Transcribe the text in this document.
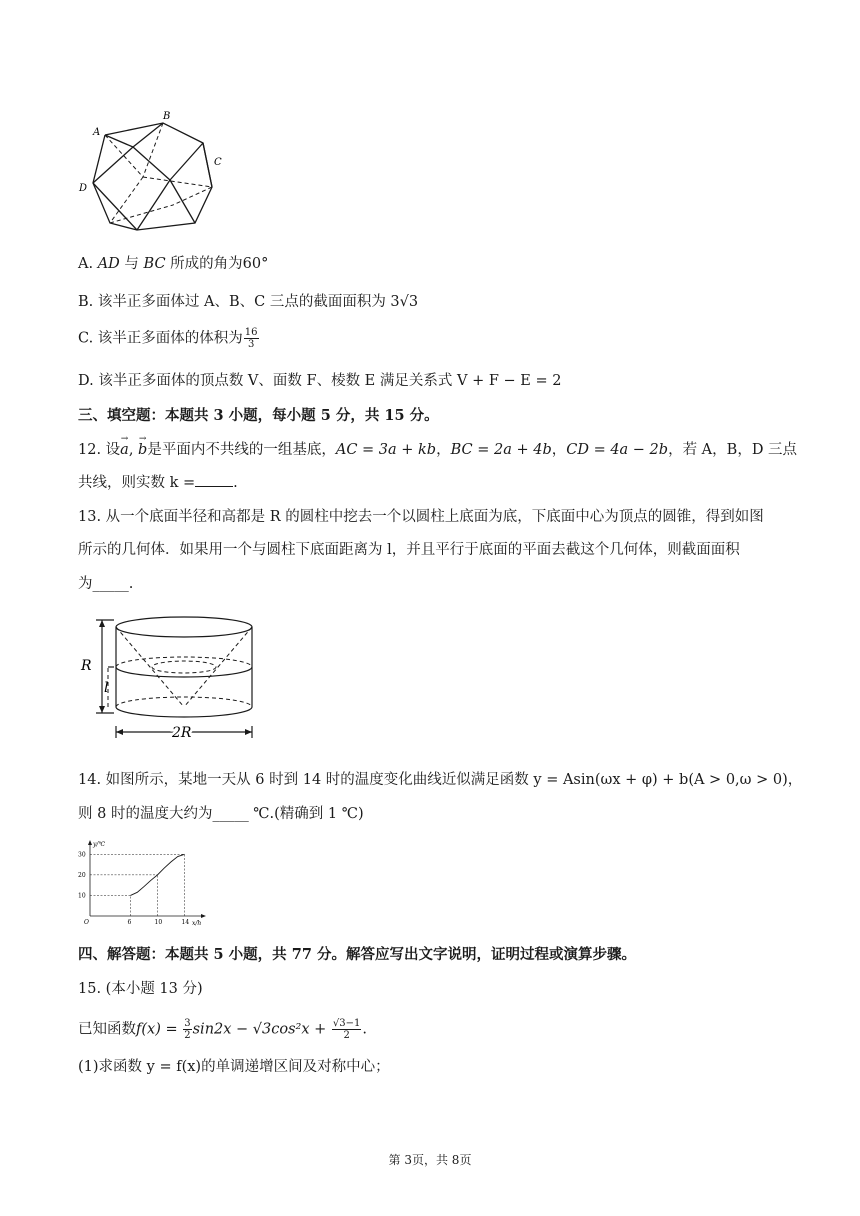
A
B
C
D
A. AD 与 BC 所成的角为60°
B. 该半正多面体过 A、B、C 三点的截面面积为 3√3
C. 该半正多面体的体积为 $\frac{16}{3}$
D. 该半正多面体的顶点数 V、面数 F、棱数 E 满足关系式 V + F − E = 2
三、填空题：本题共 3 小题，每小题 5 分，共 15 分。
12. 设→ a, → b是平面内不共线的一组基底，AC = 3a + kb，BC = 2a + 4b，CD = 4a − 2b，若 A，B，D 三点
共线，则实数 k =	.
13. 从一个底面半径和高都是 R 的圆柱中挖去一个以圆柱上底面为底，下底面中心为顶点的圆锥，得到如图
所示的几何体．如果用一个与圆柱下底面距离为 l，并且平行于底面的平面去截这个几何体，则截面面积
为_____.
R
l
2R
14. 如图所示，某地一天从 6 时到 14 时的温度变化曲线近似满足函数 y = Asin(ωx + φ) + b(A > 0,ω > 0)，
则 8 时的温度大约为_____ ℃.(精确到 1 ℃)
x/h
y/℃
O	6	10	14
10
20
30
四、解答题：本题共 5 小题，共 77 分。解答应写出文字说明，证明过程或演算步骤。
15. (本小题 13 分)
已知函数$f(x) = \frac{3}{2} \sin 2x - √3\cos^2x + \frac{√3-1}{2}$ .
(1)求函数 y = f(x)的单调递增区间及对称中心；
第 3页，共 8页
